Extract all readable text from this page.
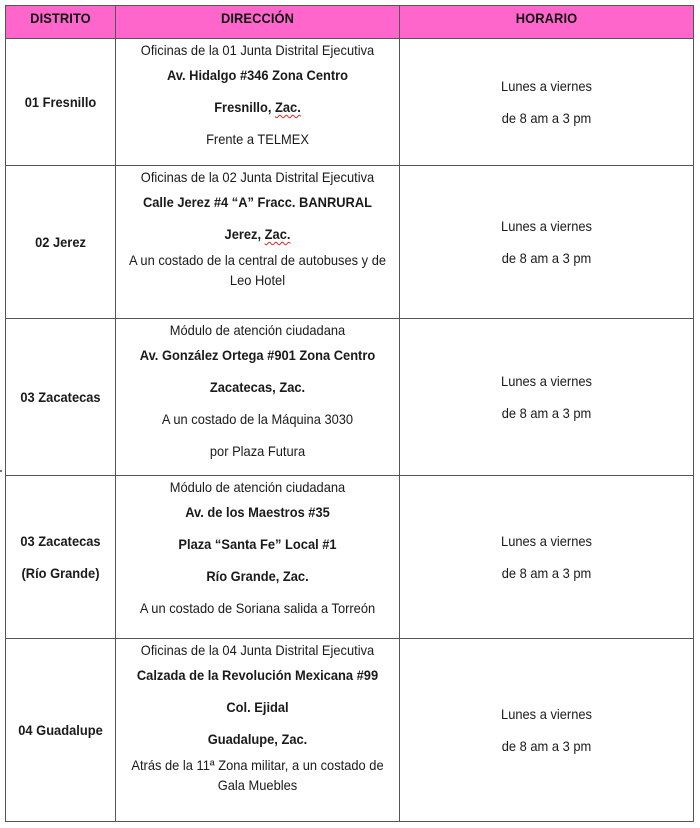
DISTRITO	DIRECCIÓN	HORARIO

01 Fresnillo	Oficinas de la 01 Junta Distrital Ejecutiva
Av. Hidalgo #346 Zona Centro
Fresnillo, Zac.
Frente a TELMEX	Lunes a viernes
de 8 am a 3 pm

02 Jerez	Oficinas de la 02 Junta Distrital Ejecutiva
Calle Jerez #4 “A” Fracc. BANRURAL
Jerez, Zac.
A un costado de la central de autobuses y de Leo Hotel	Lunes a viernes
de 8 am a 3 pm

03 Zacatecas	Módulo de atención ciudadana
Av. González Ortega #901 Zona Centro
Zacatecas, Zac.
A un costado de la Máquina 3030
por Plaza Futura	Lunes a viernes
de 8 am a 3 pm

03 Zacatecas
(Río Grande)	Módulo de atención ciudadana
Av. de los Maestros #35
Plaza “Santa Fe” Local #1
Río Grande, Zac.
A un costado de Soriana salida a Torreón	Lunes a viernes
de 8 am a 3 pm

04 Guadalupe	Oficinas de la 04 Junta Distrital Ejecutiva
Calzada de la Revolución Mexicana #99
Col. Ejidal
Guadalupe, Zac.
Atrás de la 11ª Zona militar, a un costado de Gala Muebles	Lunes a viernes
de 8 am a 3 pm
